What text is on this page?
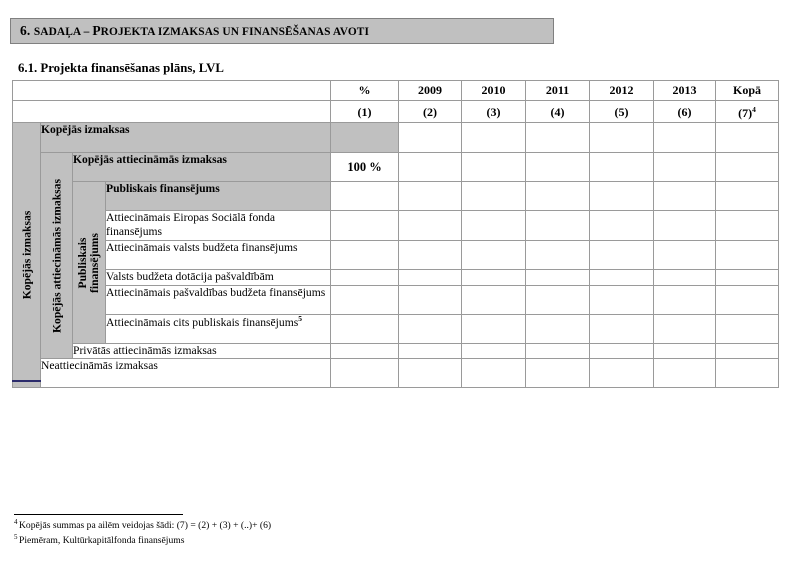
6. SADAĻA – PROJEKTA IZMAKSAS UN FINANSĒŠANAS AVOTI
6.1. Projekta finansēšanas plāns, LVL
				%	2009	2010	2011	2012	2013	Kopā
				(1)	(2)	(3)	(4)	(5)	(6)	$(7)^4$

Kopējās izmaksas	Kopējās izmaksas									

	Kopējās attiecināmās izmaksas	Kopējās attiecināmās izmaksas		100 %						

		Publiskais finansējums	Publiskais finansējums							
			Attiecināmais Eiropas Sociālā fonda finansējums							
			Attiecināmais valsts budžeta finansējums							
			Valsts budžeta dotācija pašvaldībām							
			Attiecināmais pašvaldības budžeta finansējums							
			Attiecināmais cits publiskais finansējums$^5$							
		Privātās attiecināmās izmaksas								
	Neattiecināmās izmaksas									
$^4$ Kopējās summas pa ailēm veidojas šādi: (7) = (2) + (3) + (..)+ (6)
$^5$ Piemēram, Kultūrkapitālfonda finansējums
